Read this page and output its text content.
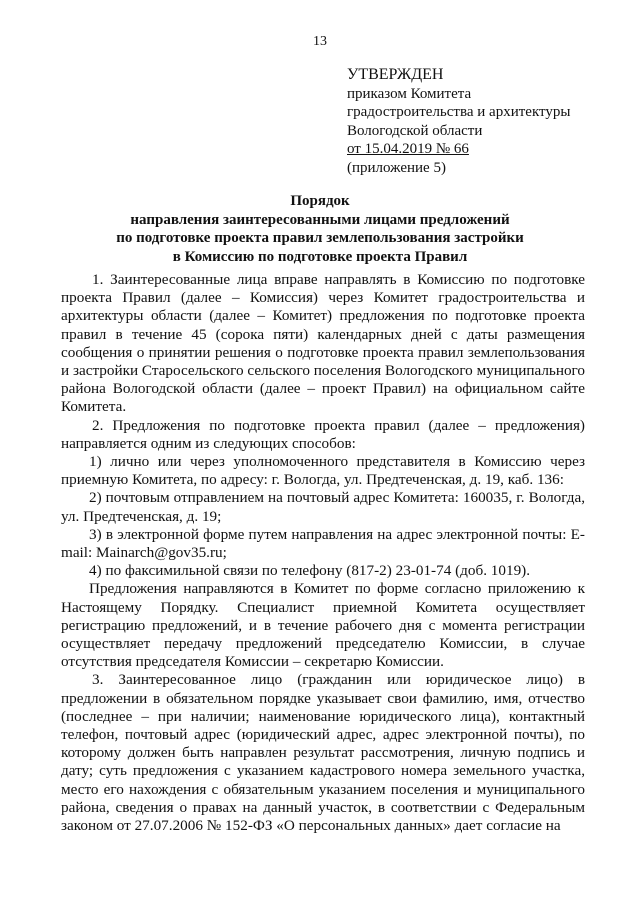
13
УТВЕРЖДЕН
приказом Комитета
градостроительства и архитектуры
Вологодской области
от 15.04.2019 № 66
(приложение 5)
Порядок
направления заинтересованными лицами предложений
по подготовке проекта правил землепользования застройки
в Комиссию по подготовке проекта Правил

1. Заинтересованные лица вправе направлять в Комиссию по подготовке проекта Правил (далее – Комиссия) через Комитет градостроительства и архитектуры области (далее – Комитет) предложения по подготовке проекта правил в течение 45 (сорока пяти) календарных дней с даты размещения сообщения о принятии решения о подготовке проекта правил землепользования и застройки Старосельского сельского поселения Вологодского муниципального района Вологодской области (далее – проект Правил) на официальном сайте Комитета.

2. Предложения по подготовке проекта правил (далее – предложения) направляется одним из следующих способов:

1) лично или через уполномоченного представителя в Комиссию через приемную Комитета, по адресу: г. Вологда, ул. Предтеченская, д. 19, каб. 136:

2) почтовым отправлением на почтовый адрес Комитета: 160035, г. Вологда, ул. Предтеченская, д. 19;

3) в электронной форме путем направления на адрес электронной почты: E-mail: Mainarch@gov35.ru;

4) по факсимильной связи по телефону (817-2) 23-01-74 (доб. 1019).

Предложения направляются в Комитет по форме согласно приложению к Настоящему Порядку. Специалист приемной Комитета осуществляет регистрацию предложений, и в течение рабочего дня с момента регистрации осуществляет передачу предложений председателю Комиссии, в случае отсутствия председателя Комиссии – секретарю Комиссии.

3. Заинтересованное лицо (гражданин или юридическое лицо) в предложении в обязательном порядке указывает свои фамилию, имя, отчество (последнее – при наличии; наименование юридического лица), контактный телефон, почтовый адрес (юридический адрес, адрес электронной почты), по которому должен быть направлен результат рассмотрения, личную подпись и дату; суть предложения с указанием кадастрового номера земельного участка, место его нахождения с обязательным указанием поселения и муниципального района, сведения о правах на данный участок, в соответствии с Федеральным законом от 27.07.2006 № 152-ФЗ «О персональных данных» дает согласие на
